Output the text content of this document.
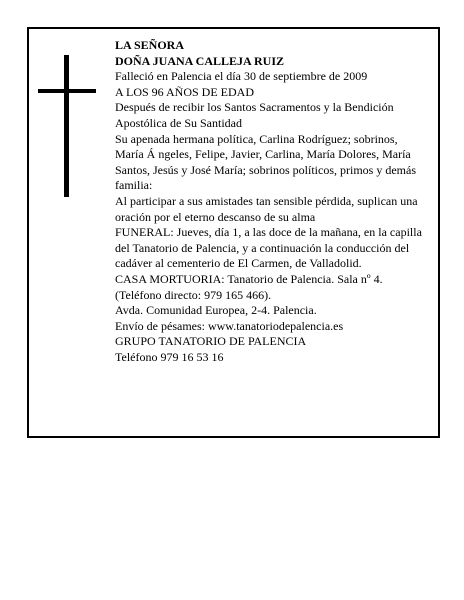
LA SEÑORA

DOÑA JUANA CALLEJA RUIZ

Falleció en Palencia el día 30 de septiembre de 2009

A LOS 96 AÑOS DE EDAD

Después de recibir los Santos Sacramentos y la Bendición Apostólica de Su Santidad

Su apenada hermana política, Carlina Rodríguez; sobrinos, María Á ngeles, Felipe, Javier, Carlina, María Dolores, María Santos, Jesús y José María; sobrinos políticos, primos y demás familia:

Al participar a sus amistades tan sensible pérdida, suplican una oración por el eterno descanso de su alma

FUNERAL: Jueves, día 1, a las doce de la mañana, en la capilla del Tanatorio de Palencia, y a continuación la conducción del cadáver al cementerio de El Carmen, de Valladolid.

CASA MORTUORIA: Tanatorio de Palencia. Sala nº 4. (Teléfono directo: 979 165 466).

Avda. Comunidad Europea, 2-4. Palencia.

Envío de pésames: www.tanatoriodepalencia.es

GRUPO TANATORIO DE PALENCIA

Teléfono 979 16 53 16
